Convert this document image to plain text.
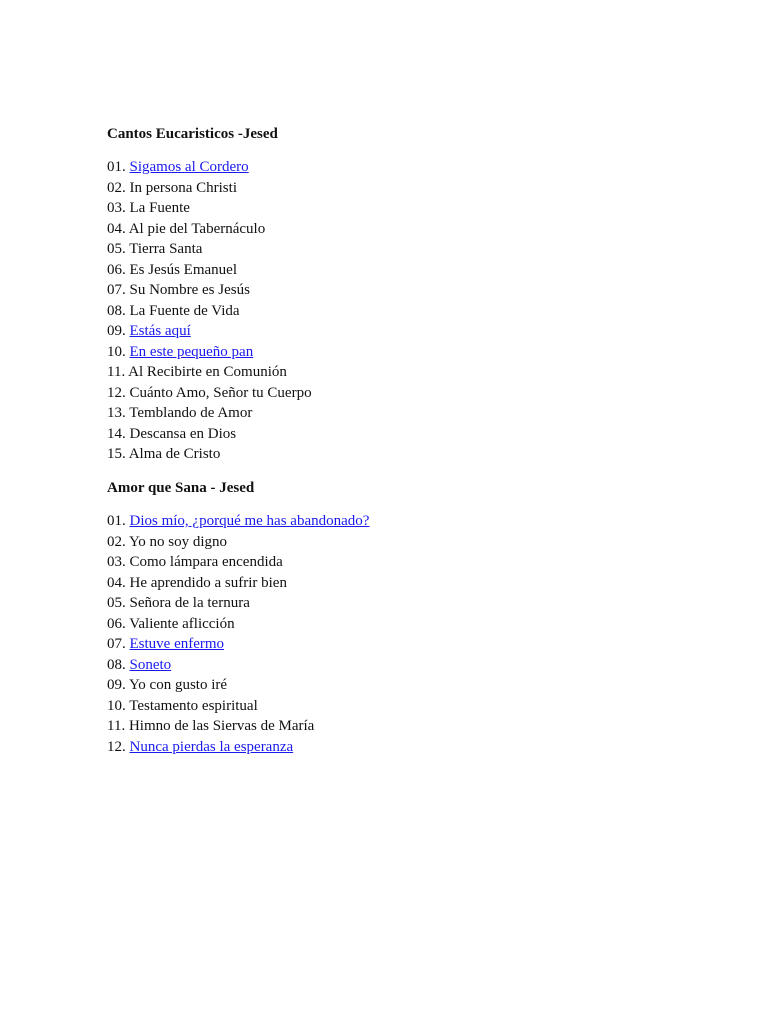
Cantos Eucaristicos -Jesed
01. Sigamos al Cordero
02. In persona Christi
03. La Fuente
04. Al pie del Tabernáculo
05. Tierra Santa
06. Es Jesús Emanuel
07. Su Nombre es Jesús
08. La Fuente de Vida
09. Estás aquí
10. En este pequeño pan
11. Al Recibirte en Comunión
12. Cuánto Amo, Señor tu Cuerpo
13. Temblando de Amor
14. Descansa en Dios
15. Alma de Cristo
Amor que Sana - Jesed
01. Dios mío, ¿porqué me has abandonado?
02. Yo no soy digno
03. Como lámpara encendida
04. He aprendido a sufrir bien
05. Señora de la ternura
06. Valiente aflicción
07. Estuve enfermo
08. Soneto
09. Yo con gusto iré
10. Testamento espiritual
11. Himno de las Siervas de María
12. Nunca pierdas la esperanza
